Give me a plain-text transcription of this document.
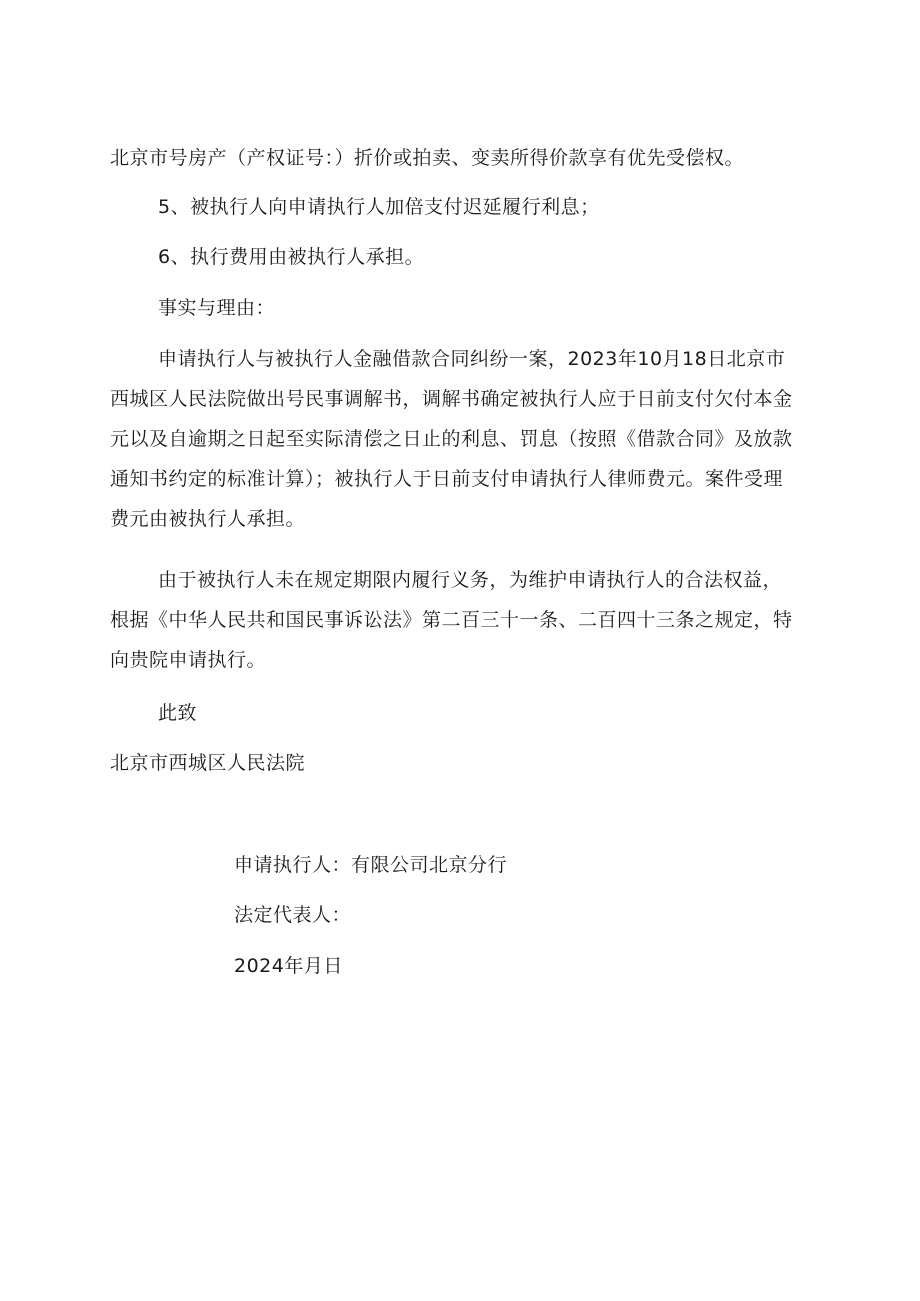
北京市号房产（产权证号：）折价或拍卖、变卖所得价款享有优先受偿权。

5、被执行人向申请执行人加倍支付迟延履行利息；

6、执行费用由被执行人承担。

事实与理由：

申请执行人与被执行人金融借款合同纠纷一案，2023年10月18日北京市西城区人民法院做出号民事调解书，调解书确定被执行人应于日前支付欠付本金元以及自逾期之日起至实际清偿之日止的利息、罚息（按照《借款合同》及放款通知书约定的标准计算）；被执行人于日前支付申请执行人律师费元。案件受理费元由被执行人承担。

由于被执行人未在规定期限内履行义务，为维护申请执行人的合法权益，根据《中华人民共和国民事诉讼法》第二百三十一条、二百四十三条之规定，特向贵院申请执行。

此致

北京市西城区人民法院

申请执行人：有限公司北京分行

法定代表人：

2024年月日
